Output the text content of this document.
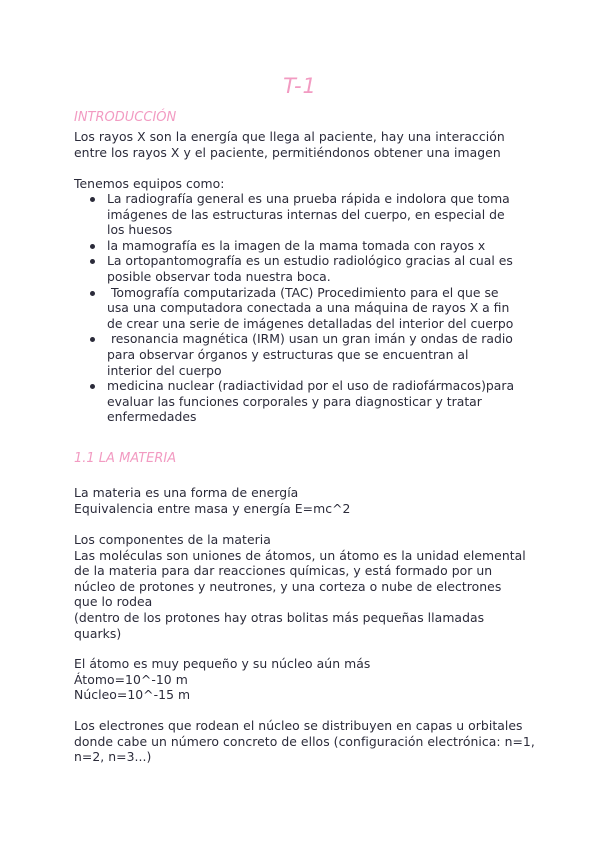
T-1
INTRODUCCIÓN
Los rayos X son la energía que llega al paciente, hay una interacción
entre los rayos X y el paciente, permitiéndonos obtener una imagen
Tenemos equipos como:
La radiografía general es una prueba rápida e indolora que toma
imágenes de las estructuras internas del cuerpo, en especial de
los huesos
la mamografía es la imagen de la mama tomada con rayos x
La ortopantomografía es un estudio radiológico gracias al cual es
posible observar toda nuestra boca.
Tomografía computarizada (TAC) Procedimiento para el que se
usa una computadora conectada a una máquina de rayos X a fin
de crear una serie de imágenes detalladas del interior del cuerpo
resonancia magnética (IRM) usan un gran imán y ondas de radio
para observar órganos y estructuras que se encuentran al
interior del cuerpo
medicina nuclear (radiactividad por el uso de radiofármacos)para
evaluar las funciones corporales y para diagnosticar y tratar
enfermedades
1.1 LA MATERIA
La materia es una forma de energía
Equivalencia entre masa y energía E=mc^2
Los componentes de la materia
Las moléculas son uniones de átomos, un átomo es la unidad elemental
de la materia para dar reacciones químicas, y está formado por un
núcleo de protones y neutrones, y una corteza o nube de electrones
que lo rodea
(dentro de los protones hay otras bolitas más pequeñas llamadas
quarks)
El átomo es muy pequeño y su núcleo aún más
Átomo=10^-10 m
Núcleo=10^-15 m
Los electrones que rodean el núcleo se distribuyen en capas u orbitales
donde cabe un número concreto de ellos (configuración electrónica: n=1,
n=2, n=3...)
